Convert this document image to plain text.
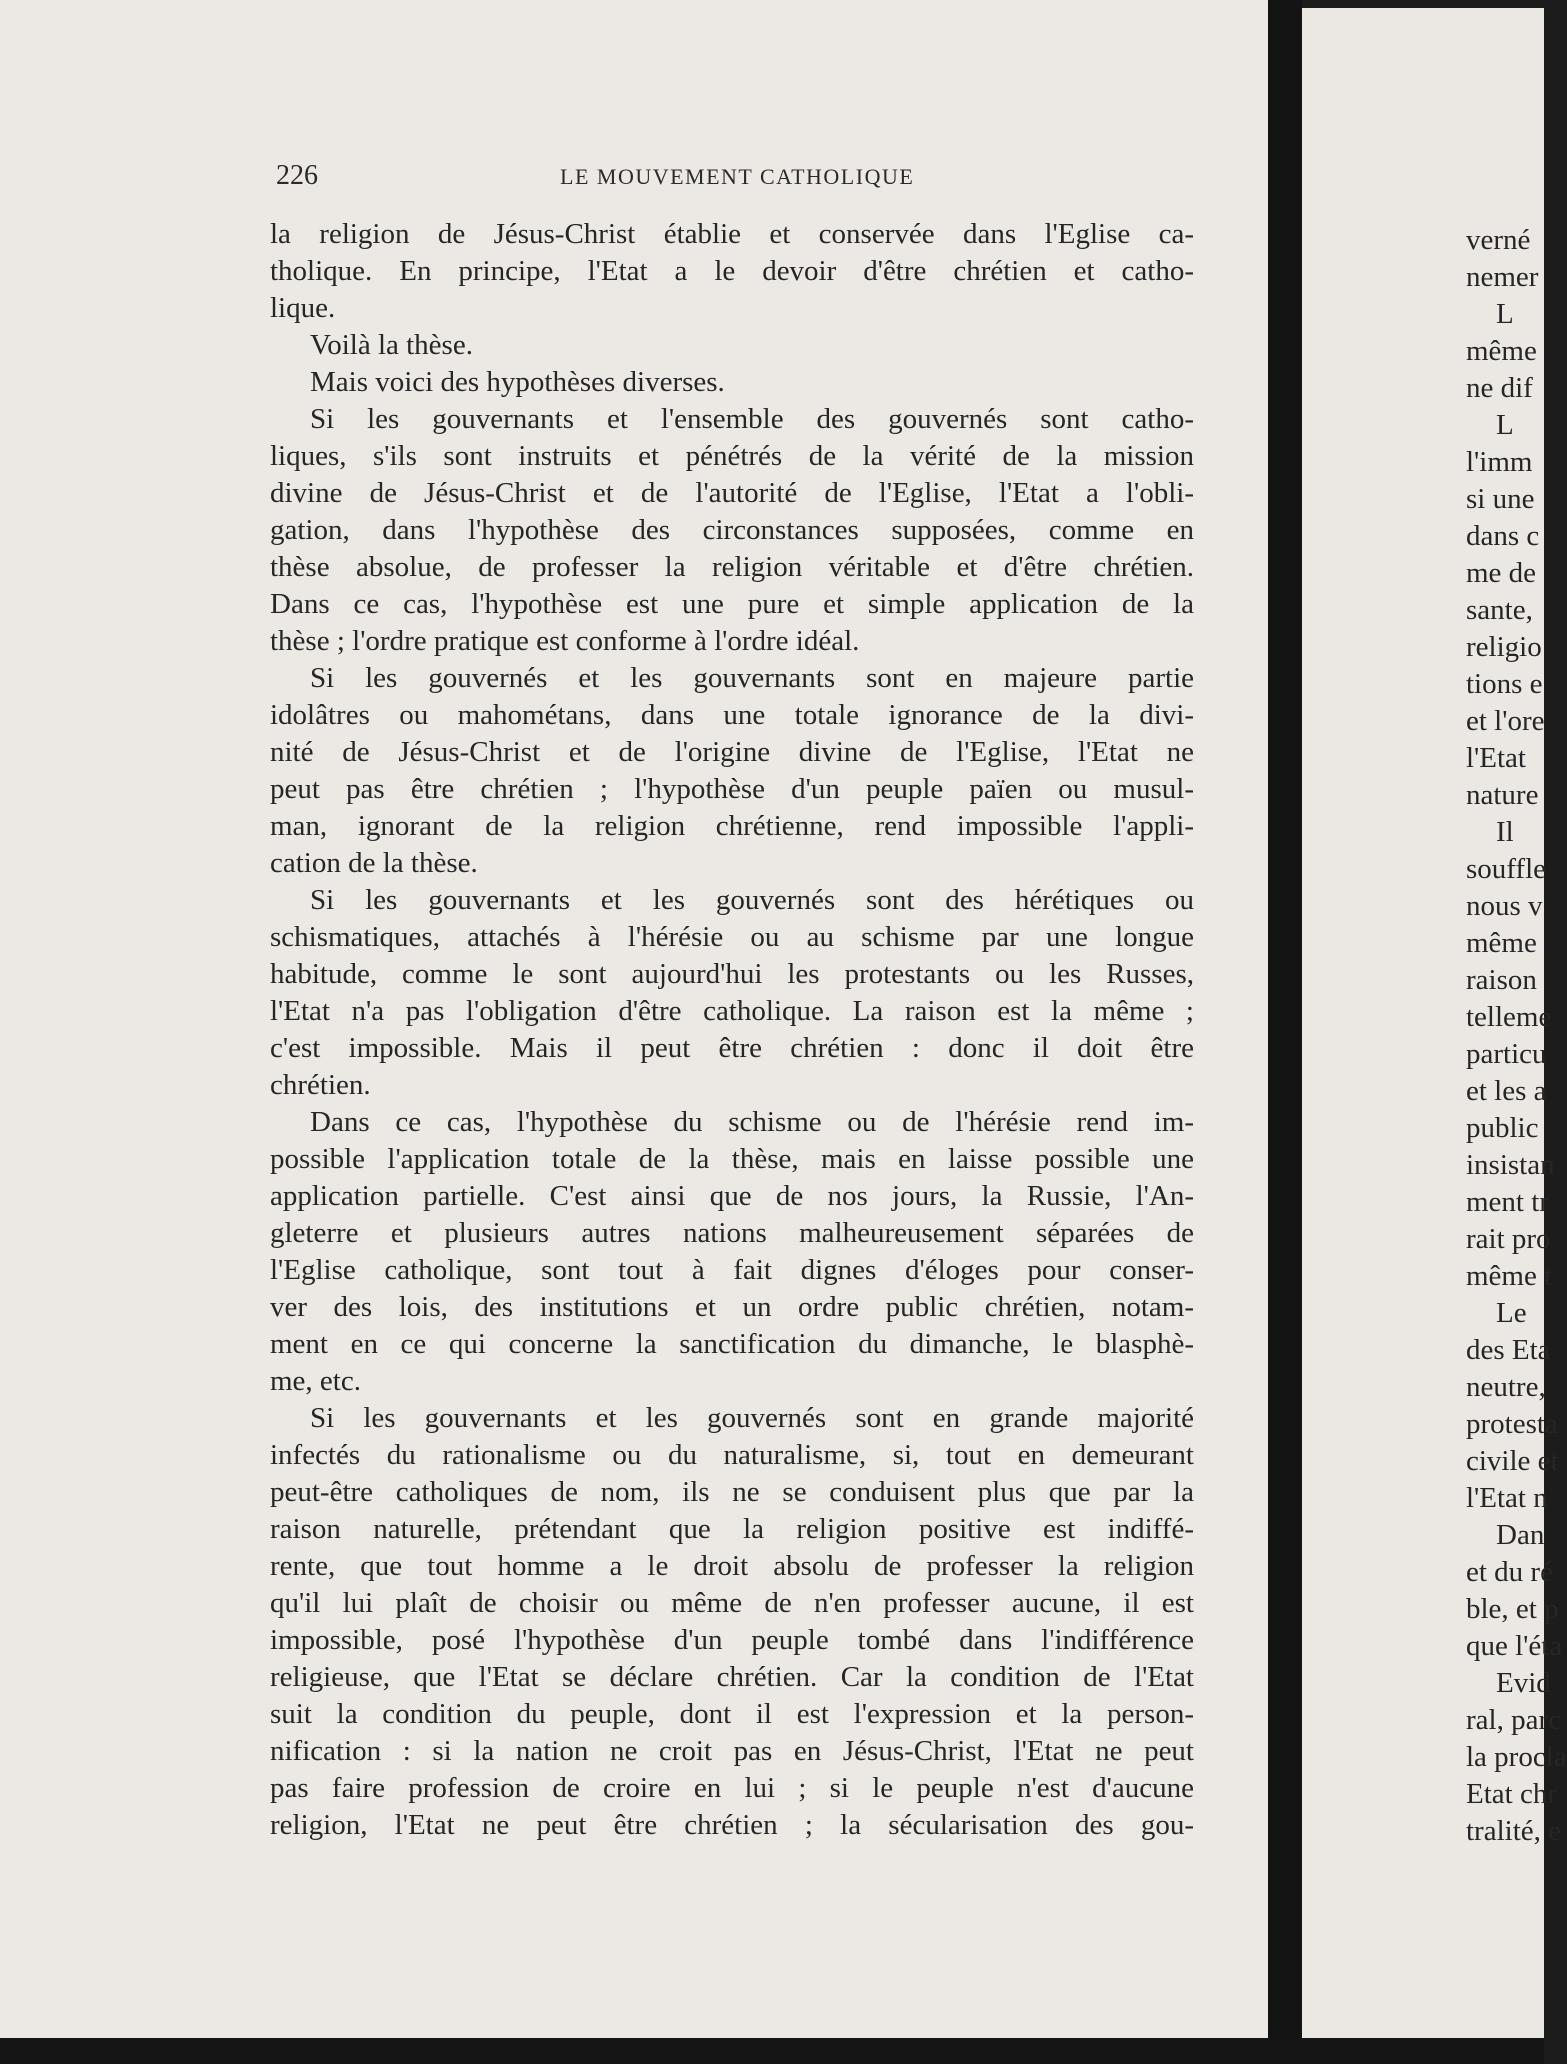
226	LE MOUVEMENT CATHOLIQUE

la religion de Jésus-Christ établie et conservée dans l'Eglise ca-

tholique. En principe, l'Etat a le devoir d'être chrétien et catho-

lique.

Voilà la thèse.

Mais voici des hypothèses diverses.

Si les gouvernants et l'ensemble des gouvernés sont catho-

liques, s'ils sont instruits et pénétrés de la vérité de la mission

divine de Jésus-Christ et de l'autorité de l'Eglise, l'Etat a l'obli-

gation, dans l'hypothèse des circonstances supposées, comme en

thèse absolue, de professer la religion véritable et d'être chrétien.

Dans ce cas, l'hypothèse est une pure et simple application de la

thèse ; l'ordre pratique est conforme à l'ordre idéal.

Si les gouvernés et les gouvernants sont en majeure partie

idolâtres ou mahométans, dans une totale ignorance de la divi-

nité de Jésus-Christ et de l'origine divine de l'Eglise, l'Etat ne

peut pas être chrétien ; l'hypothèse d'un peuple païen ou musul-

man, ignorant de la religion chrétienne, rend impossible l'appli-

cation de la thèse.

Si les gouvernants et les gouvernés sont des hérétiques ou

schismatiques, attachés à l'hérésie ou au schisme par une longue

habitude, comme le sont aujourd'hui les protestants ou les Russes,

l'Etat n'a pas l'obligation d'être catholique. La raison est la même ;

c'est impossible. Mais il peut être chrétien : donc il doit être

chrétien.

Dans ce cas, l'hypothèse du schisme ou de l'hérésie rend im-

possible l'application totale de la thèse, mais en laisse possible une

application partielle. C'est ainsi que de nos jours, la Russie, l'An-

gleterre et plusieurs autres nations malheureusement séparées de

l'Eglise catholique, sont tout à fait dignes d'éloges pour conser-

ver des lois, des institutions et un ordre public chrétien, notam-

ment en ce qui concerne la sanctification du dimanche, le blasphè-

me, etc.

Si les gouvernants et les gouvernés sont en grande majorité

infectés du rationalisme ou du naturalisme, si, tout en demeurant

peut-être catholiques de nom, ils ne se conduisent plus que par la

raison naturelle, prétendant que la religion positive est indiffé-

rente, que tout homme a le droit absolu de professer la religion

qu'il lui plaît de choisir ou même de n'en professer aucune, il est

impossible, posé l'hypothèse d'un peuple tombé dans l'indifférence

religieuse, que l'Etat se déclare chrétien. Car la condition de l'Etat

suit la condition du peuple, dont il est l'expression et la person-

nification : si la nation ne croit pas en Jésus-Christ, l'Etat ne peut

pas faire profession de croire en lui ; si le peuple n'est d'aucune

religion, l'Etat ne peut être chrétien ; la sécularisation des gou-

verné

nemer

L

même

ne dif

L

l'imm

si une

dans c

me de

sante,

religio

tions e

et l'ore

l'Etat

nature

Il

souffle

nous v

même

raison

telleme

particu

et les a

public

insistan

ment tr

rait pro

même t

Le

des Eta

neutre,

protesta

civile et

l'Etat n

Dan

et du ré

ble, et p

que l'éta

Evid

ral, parc

la procla

Etat chr

tralité, e
